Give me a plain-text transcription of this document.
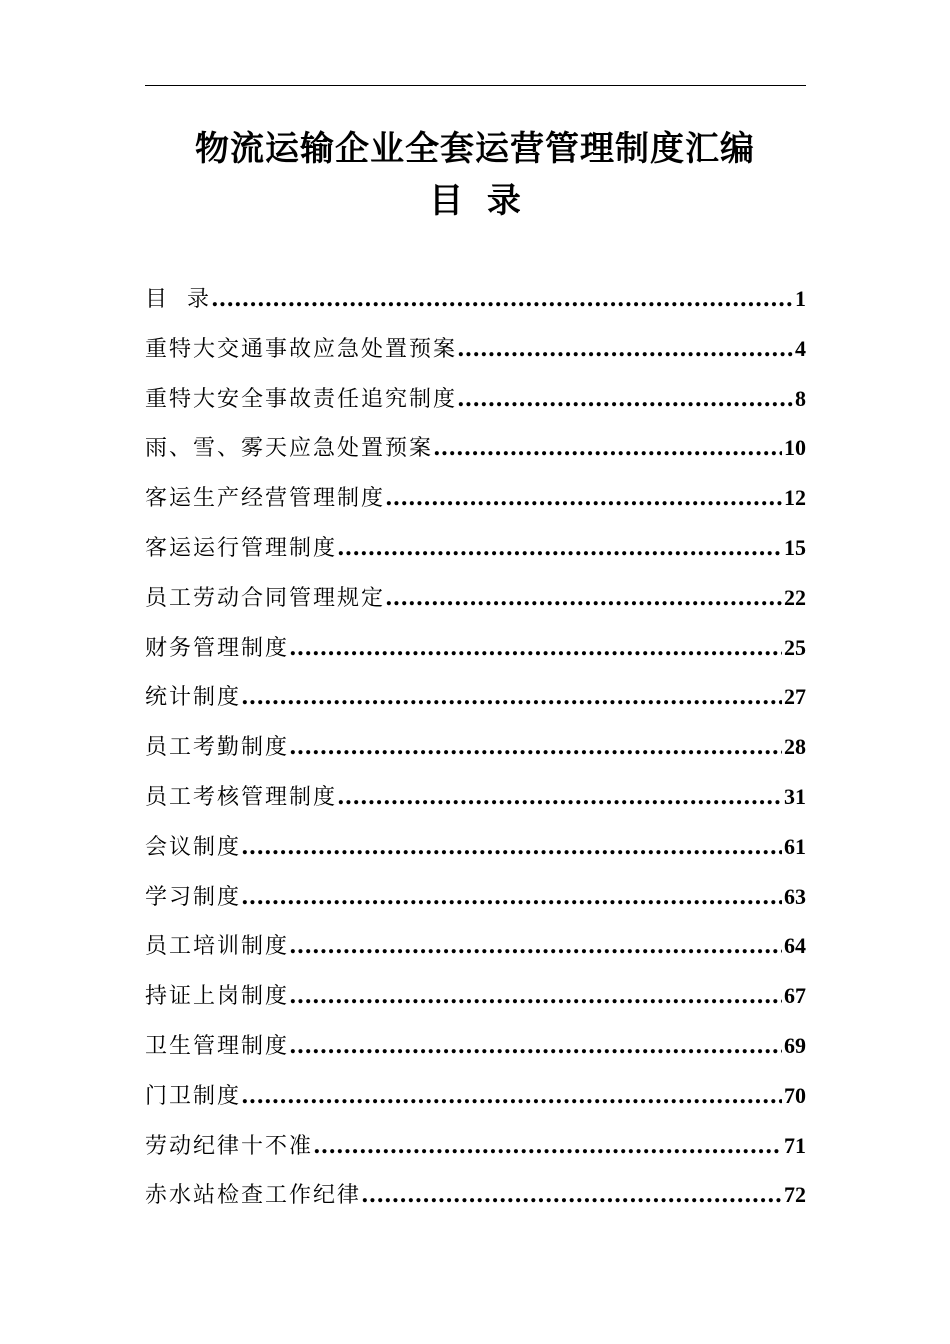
物流运输企业全套运营管理制度汇编
目  录
目  录 .....	1
重特大交通事故应急处置预案 .....	4
重特大安全事故责任追究制度 .....	8
雨、雪、雾天应急处置预案 .....	10
客运生产经营管理制度 .....	12
客运运行管理制度 .....	15
员工劳动合同管理规定 .....	22
财务管理制度 .....	25
统计制度 .....	27
员工考勤制度 .....	28
员工考核管理制度 .....	31
会议制度 .....	61
学习制度 .....	63
员工培训制度 .....	64
持证上岗制度 .....	67
卫生管理制度 .....	69
门卫制度 .....	70
劳动纪律十不准 .....	71
赤水站检查工作纪律 .....	72
